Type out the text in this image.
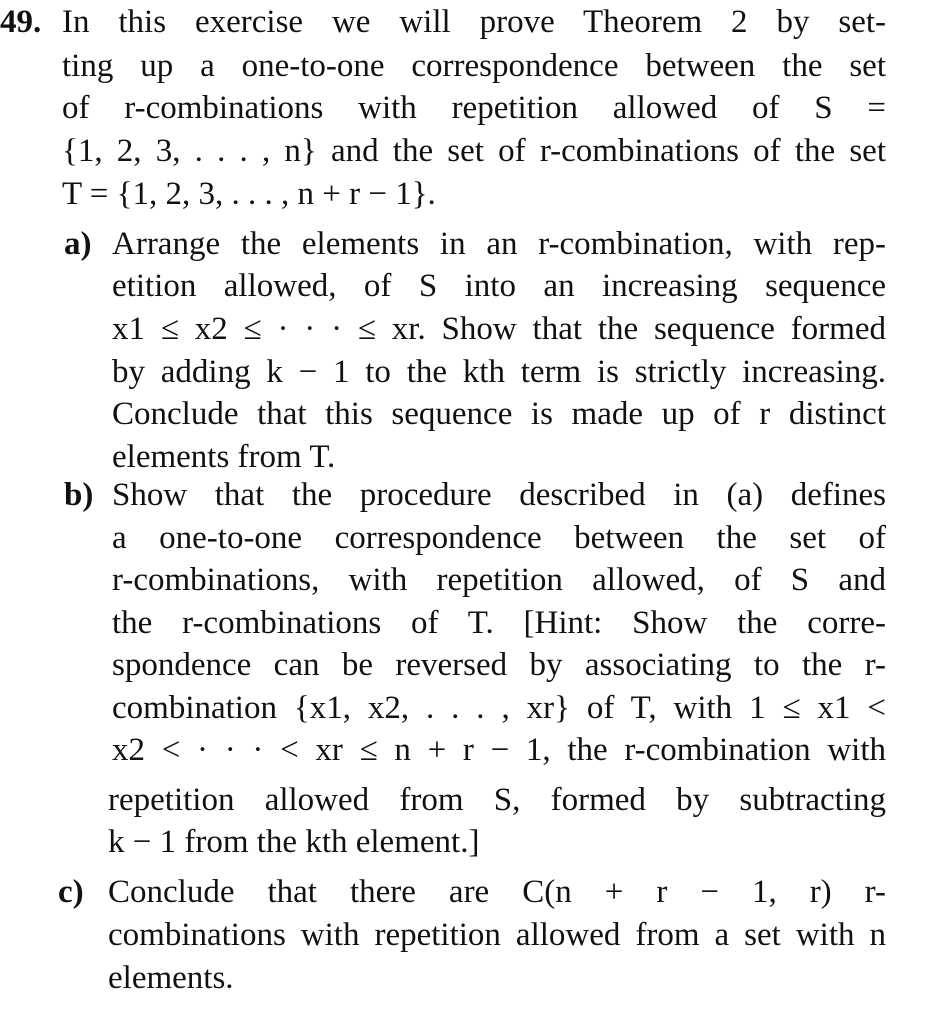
49. In this exercise we will prove Theorem 2 by set-
ting up a one-to-one correspondence between the set
of r-combinations with repetition allowed of S =
{1, 2, 3, . . . , n} and the set of r-combinations of the set
T = {1, 2, 3, . . . , n + r − 1}.
a) Arrange the elements in an r-combination, with rep-
etition allowed, of S into an increasing sequence
x1 ≤ x2 ≤ · · · ≤ xr. Show that the sequence formed
by adding k − 1 to the kth term is strictly increasing.
Conclude that this sequence is made up of r distinct
elements from T.
b) Show that the procedure described in (a) defines
a one-to-one correspondence between the set of
r-combinations, with repetition allowed, of S and
the r-combinations of T. [Hint: Show the corre-
spondence can be reversed by associating to the r-
combination {x1, x2, . . . , xr} of T, with 1 ≤ x1 <
x2 < · · · < xr ≤ n + r − 1, the r-combination with
repetition allowed from S, formed by subtracting
k − 1 from the kth element.]
c) Conclude that there are C(n + r − 1, r) r-
combinations with repetition allowed from a set with n
elements.
